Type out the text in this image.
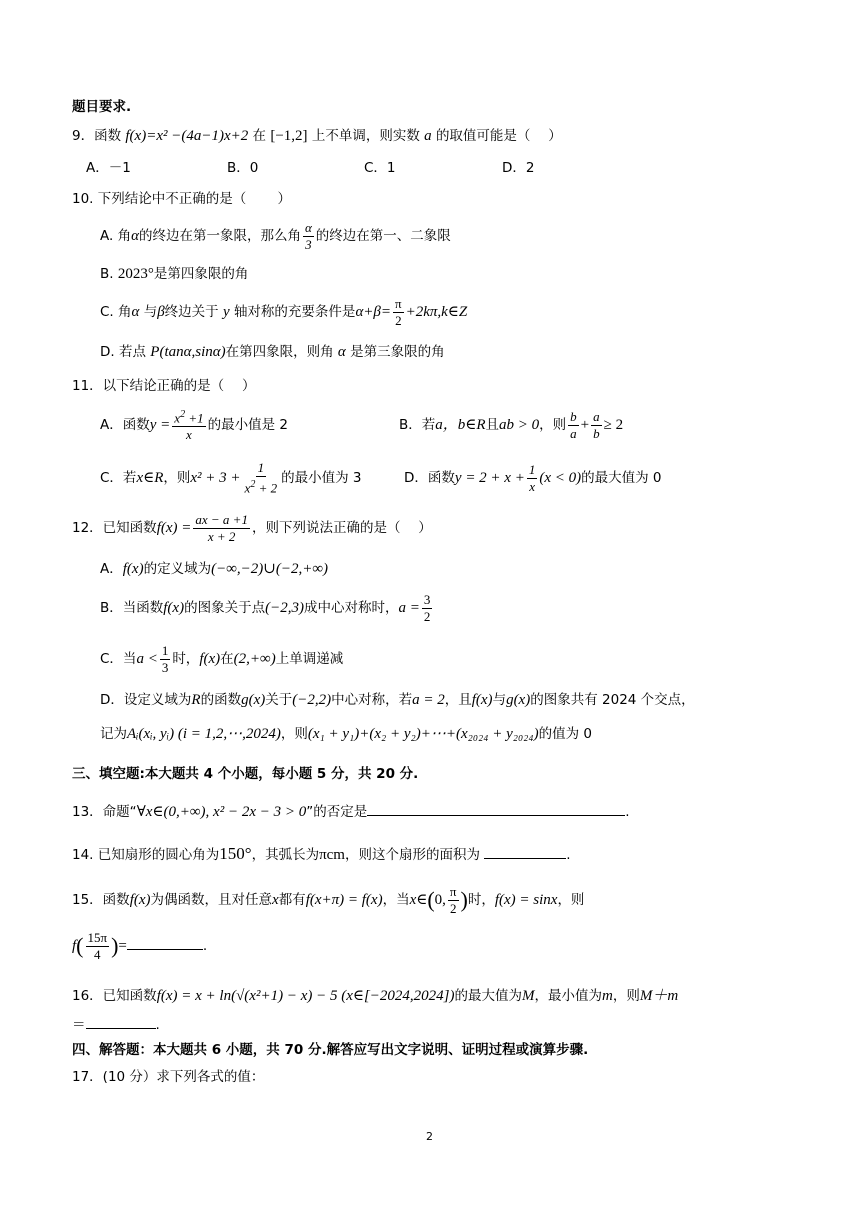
题目要求.
9．函数 f(x)=x² −(4a−1)x+2 在 [−1,2] 上不单调，则实数 a 的取值可能是（　 ）
A．－1	B．0	C．1	D．2
10. 下列结论中不正确的是（　　 ）
A. 角α的终边在第一象限，那么角 $\frac{\alpha}{3}$ 的终边在第一、二象限
B. 2023°是第四象限的角
C. 角α 与β终边关于 y 轴对称的充要条件是$\alpha+\beta= \frac{\pi}{2}$ +2kπ,k∈Z
D. 若点 P(tanα,sinα)在第四象限，则角 α 是第三象限的角
11．以下结论正确的是（　 ）
A．函数$y = \frac{x^2 +1}{x}$ 的最小值是 2	B．若a，b∈R且ab > 0，则 $\frac{b}{a} + \frac{a}{b} \ge 2$
C．若x∈R，则$x^2 + 3 + \frac{1}{x^2 + 2}$ 的最小值为 3	D．函数$y = 2 + x + \frac{1}{x} (x < 0)$的最大值为 0
12．已知函数$f(x) = \frac{ax - a +1}{x + 2}$ ，则下列说法正确的是（　 ）
A．f(x)的定义域为(−∞,−2)∪(−2,+∞)
B．当函数f(x)的图象关于点(−2,3)成中心对称时，$a = \frac{3}{2}$
C．当$a < \frac{1}{3}$ 时，f(x)在(2,+∞)上单调递减
D．设定义域为R的函数g(x)关于(−2,2)中心对称，若a = 2，且f(x)与g(x)的图象共有 2024 个交点，
记为Aᵢ(xᵢ, yᵢ) (i = 1,2,⋯,2024)，则(x₁ + y₁)+(x₂ + y₂)+⋯+(x₂₀₂₄ + y₂₀₂₄)的值为 0
三、填空题:本大题共 4 个小题，每小题 5 分，共 20 分.
13．命题“∀x∈(0,+∞), x² − 2x − 3 > 0”的否定是	.
14. 已知扇形的圆心角为150°，其弧长为πcm，则这个扇形的面积为	.
15．函数f(x)为偶函数，且对任意x都有f(x+π) = f(x)，当x∈(0, $\frac{\pi}{2}$ )时，f(x) = sinx，则
$f( \frac{15\pi}{4}$ )=	.
16．已知函数f(x) = x + ln(√(x²+1) − x) − 5 (x∈[−2024,2024])的最大值为M，最小值为m，则M＋m
＝	.
四、解答题：本大题共 6 小题，共 70 分.解答应写出文字说明、证明过程或演算步骤.
17．(10 分）求下列各式的值：
2
